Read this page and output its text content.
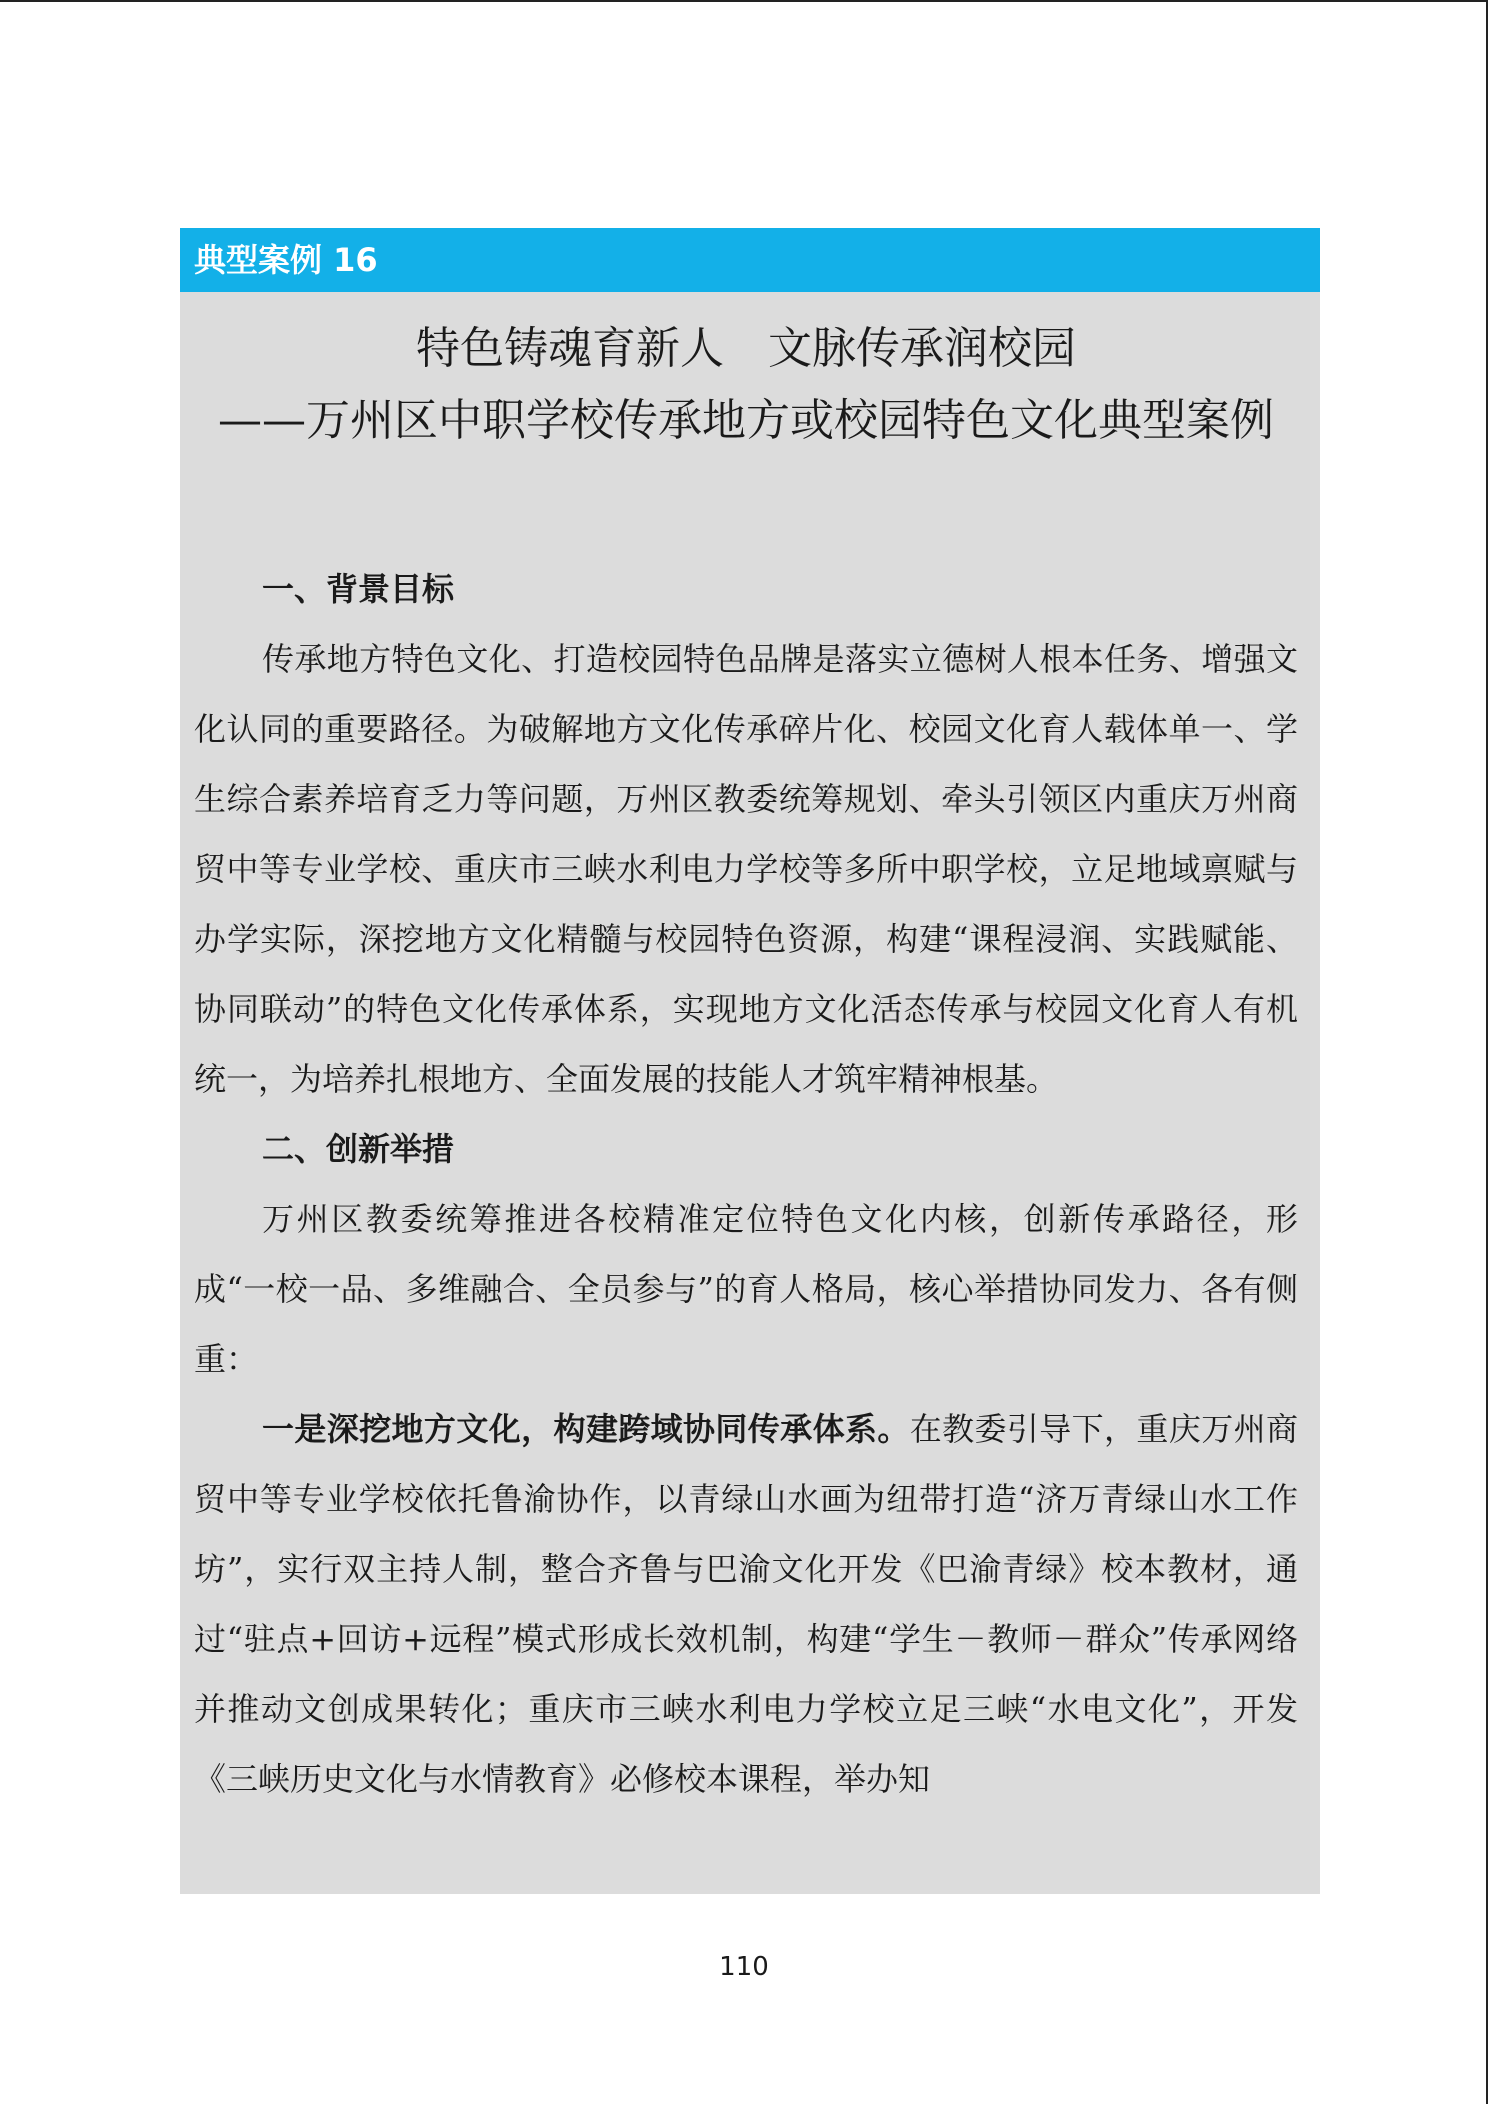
典型案例 16

特色铸魂育新人 文脉传承润校园

——万州区中职学校传承地方或校园特色文化典型案例

一、背景目标

传承地方特色文化、打造校园特色品牌是落实立德树人根本任务、增强文化认同的重要路径。为破解地方文化传承碎片化、校园文化育人载体单一、学生综合素养培育乏力等问题，万州区教委统筹规划、牵头引领区内重庆万州商贸中等专业学校、重庆市三峡水利电力学校等多所中职学校，立足地域禀赋与办学实际，深挖地方文化精髓与校园特色资源，构建“课程浸润、实践赋能、协同联动”的特色文化传承体系，实现地方文化活态传承与校园文化育人有机统一，为培养扎根地方、全面发展的技能人才筑牢精神根基。

二、创新举措

万州区教委统筹推进各校精准定位特色文化内核，创新传承路径，形成“一校一品、多维融合、全员参与”的育人格局，核心举措协同发力、各有侧重：

一是深挖地方文化，构建跨域协同传承体系。在教委引导下，重庆万州商贸中等专业学校依托鲁渝协作，以青绿山水画为纽带打造“济万青绿山水工作坊”，实行双主持人制，整合齐鲁与巴渝文化开发《巴渝青绿》校本教材，通过“驻点+回访+远程”模式形成长效机制，构建“学生－教师－群众”传承网络并推动文创成果转化；重庆市三峡水利电力学校立足三峡“水电文化”，开发《三峡历史文化与水情教育》必修校本课程，举办知

110
